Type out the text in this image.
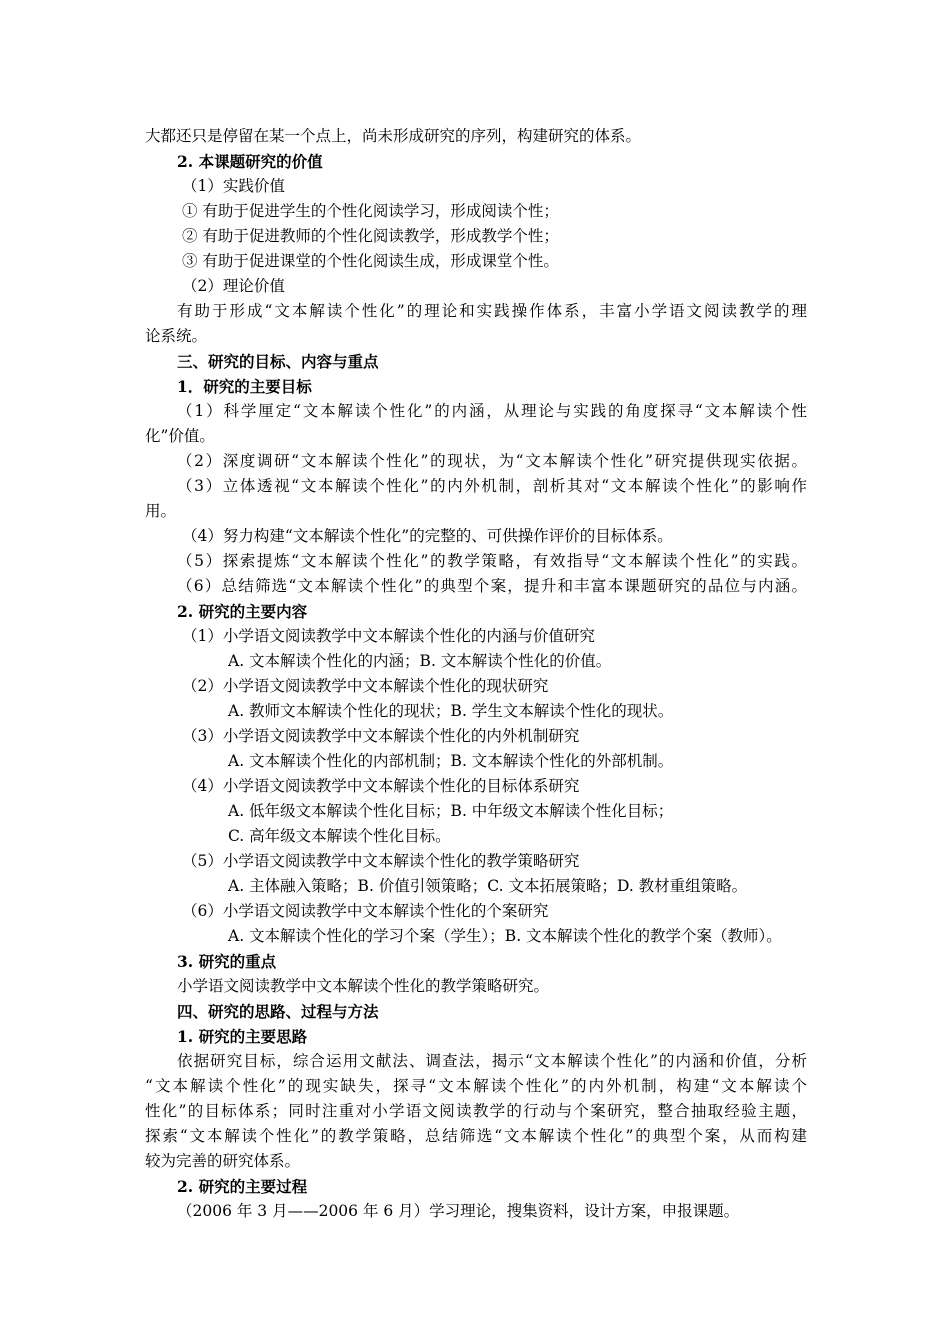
大都还只是停留在某一个点上，尚未形成研究的序列，构建研究的体系。
2. 本课题研究的价值
（1）实践价值
① 有助于促进学生的个性化阅读学习，形成阅读个性；
② 有助于促进教师的个性化阅读教学，形成教学个性；
③ 有助于促进课堂的个性化阅读生成，形成课堂个性。
（2）理论价值
有助于形成“文本解读个性化”的理论和实践操作体系，丰富小学语文阅读教学的理
论系统。
三、研究的目标、内容与重点
1．研究的主要目标
（1）科学厘定“文本解读个性化”的内涵，从理论与实践的角度探寻“文本解读个性
化”价值。
（2）深度调研“文本解读个性化”的现状，为“文本解读个性化”研究提供现实依据。
（3）立体透视“文本解读个性化”的内外机制，剖析其对“文本解读个性化”的影响作
用。
（4）努力构建“文本解读个性化”的完整的、可供操作评价的目标体系。
（5）探索提炼“文本解读个性化”的教学策略，有效指导“文本解读个性化”的实践。
（6）总结筛选“文本解读个性化”的典型个案，提升和丰富本课题研究的品位与内涵。
2. 研究的主要内容
（1）小学语文阅读教学中文本解读个性化的内涵与价值研究
A. 文本解读个性化的内涵；B. 文本解读个性化的价值。
（2）小学语文阅读教学中文本解读个性化的现状研究
A. 教师文本解读个性化的现状；B. 学生文本解读个性化的现状。
（3）小学语文阅读教学中文本解读个性化的内外机制研究
A. 文本解读个性化的内部机制；B. 文本解读个性化的外部机制。
（4）小学语文阅读教学中文本解读个性化的目标体系研究
A. 低年级文本解读个性化目标；B. 中年级文本解读个性化目标；
C. 高年级文本解读个性化目标。
（5）小学语文阅读教学中文本解读个性化的教学策略研究
A. 主体融入策略；B. 价值引领策略；C. 文本拓展策略；D. 教材重组策略。
（6）小学语文阅读教学中文本解读个性化的个案研究
A. 文本解读个性化的学习个案（学生）；B. 文本解读个性化的教学个案（教师）。
3. 研究的重点
小学语文阅读教学中文本解读个性化的教学策略研究。
四、研究的思路、过程与方法
1. 研究的主要思路
依据研究目标，综合运用文献法、调查法，揭示“文本解读个性化”的内涵和价值，分析
“文本解读个性化”的现实缺失，探寻“文本解读个性化”的内外机制，构建“文本解读个
性化”的目标体系；同时注重对小学语文阅读教学的行动与个案研究，整合抽取经验主题，
探索“文本解读个性化”的教学策略，总结筛选“文本解读个性化”的典型个案，从而构建
较为完善的研究体系。
2. 研究的主要过程
（2006 年 3 月——2006 年 6 月）学习理论，搜集资料，设计方案，申报课题。
